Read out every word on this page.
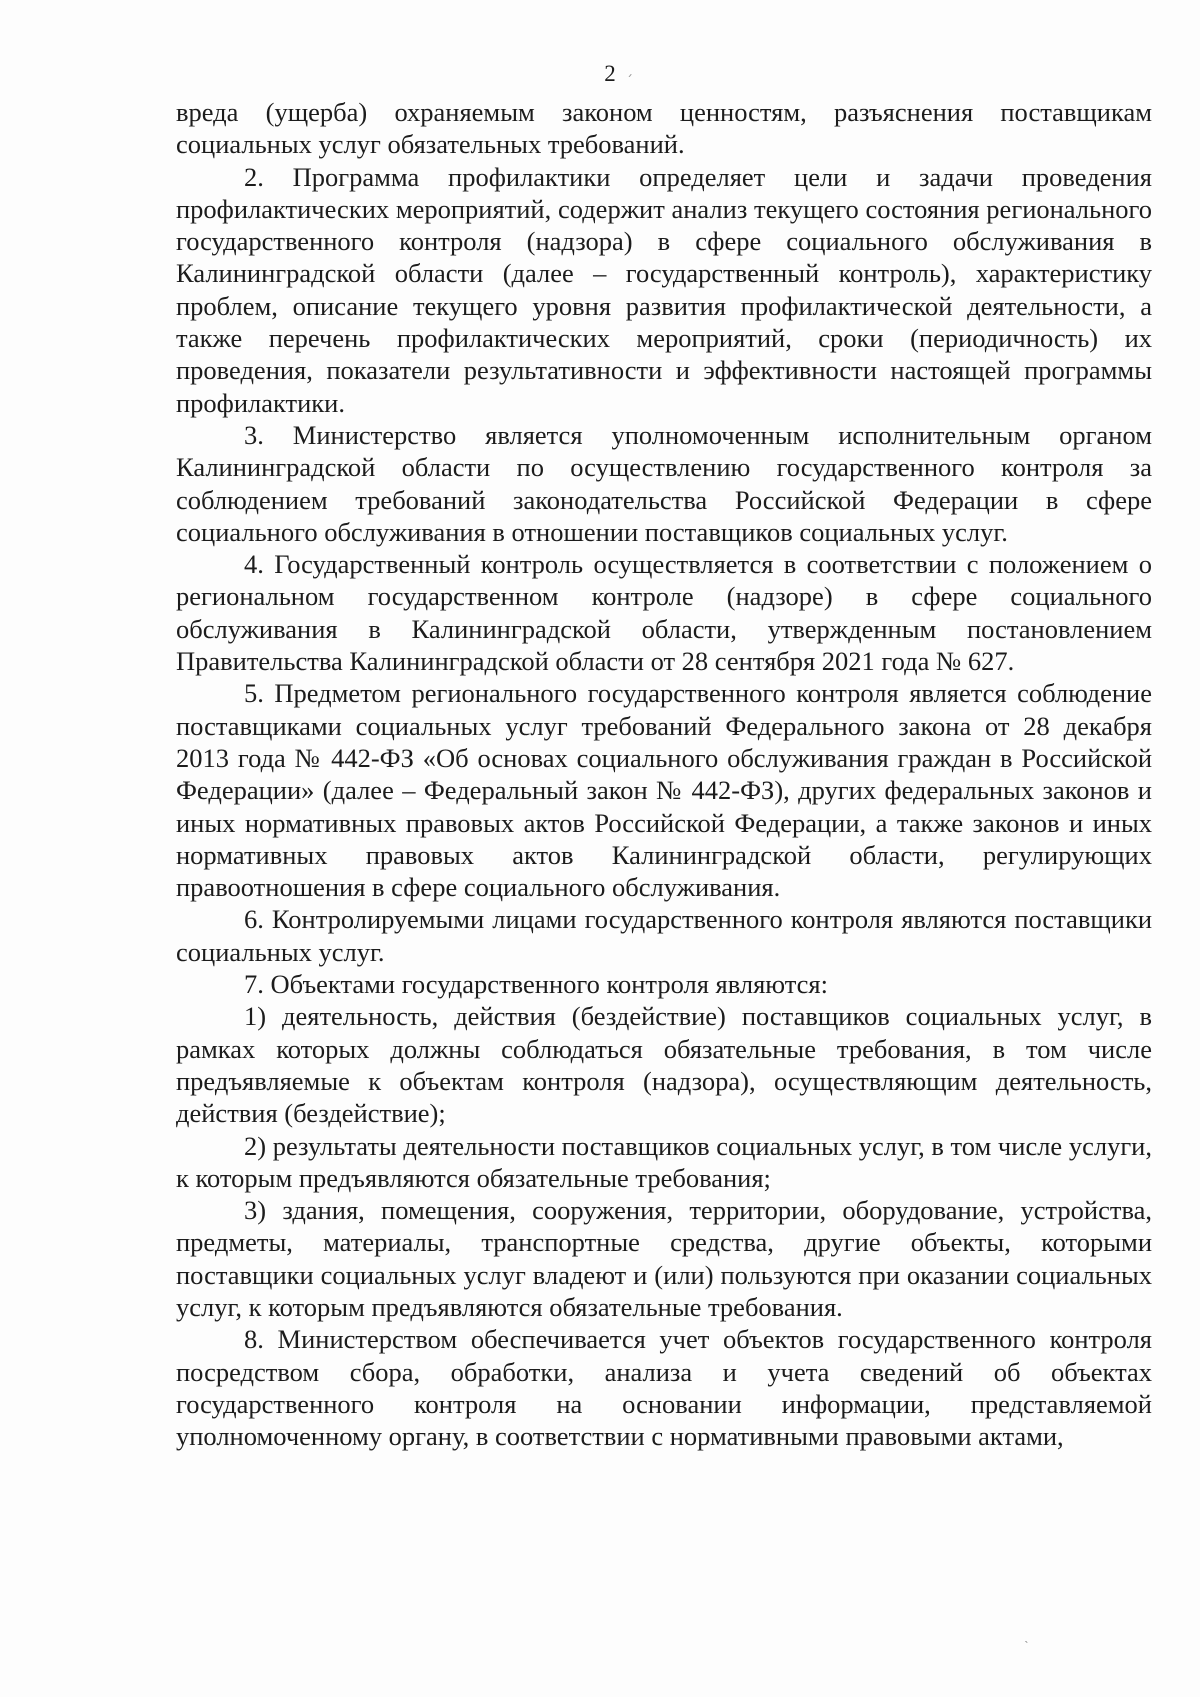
2 ˊ
˴

вреда (ущерба) охраняемым законом ценностям, разъяснения поставщикам социальных услуг обязательных требований.

2. Программа профилактики определяет цели и задачи проведения профилактических мероприятий, содержит анализ текущего состояния регионального государственного контроля (надзора) в сфере социального обслуживания в Калининградской области (далее – государственный контроль), характеристику проблем, описание текущего уровня развития профилактической деятельности, а также перечень профилактических мероприятий, сроки (периодичность) их проведения, показатели результативности и эффективности настоящей программы профилактики.

3. Министерство является уполномоченным исполнительным органом Калининградской области по осуществлению государственного контроля за соблюдением требований законодательства Российской Федерации в сфере социального обслуживания в отношении поставщиков социальных услуг.

4. Государственный контроль осуществляется в соответствии с положением о региональном государственном контроле (надзоре) в сфере социального обслуживания в Калининградской области, утвержденным постановлением Правительства Калининградской области от 28 сентября 2021 года № 627.

5. Предметом регионального государственного контроля является соблюдение поставщиками социальных услуг требований Федерального закона от 28 декабря 2013 года № 442-ФЗ «Об основах социального обслуживания граждан в Российской Федерации» (далее – Федеральный закон № 442-ФЗ), других федеральных законов и иных нормативных правовых актов Российской Федерации, а также законов и иных нормативных правовых актов Калининградской области, регулирующих правоотношения в сфере социального обслуживания.

6. Контролируемыми лицами государственного контроля являются поставщики социальных услуг.

7. Объектами государственного контроля являются:

1) деятельность, действия (бездействие) поставщиков социальных услуг, в рамках которых должны соблюдаться обязательные требования, в том числе предъявляемые к объектам контроля (надзора), осуществляющим деятельность, действия (бездействие);

2) результаты деятельности поставщиков социальных услуг, в том числе услуги, к которым предъявляются обязательные требования;

3) здания, помещения, сооружения, территории, оборудование, устройства, предметы, материалы, транспортные средства, другие объекты, которыми поставщики социальных услуг владеют и (или) пользуются при оказании социальных услуг, к которым предъявляются обязательные требования.

8. Министерством обеспечивается учет объектов государственного контроля посредством сбора, обработки, анализа и учета сведений об объектах государственного контроля на основании информации, представляемой уполномоченному органу, в соответствии с нормативными правовыми актами,
